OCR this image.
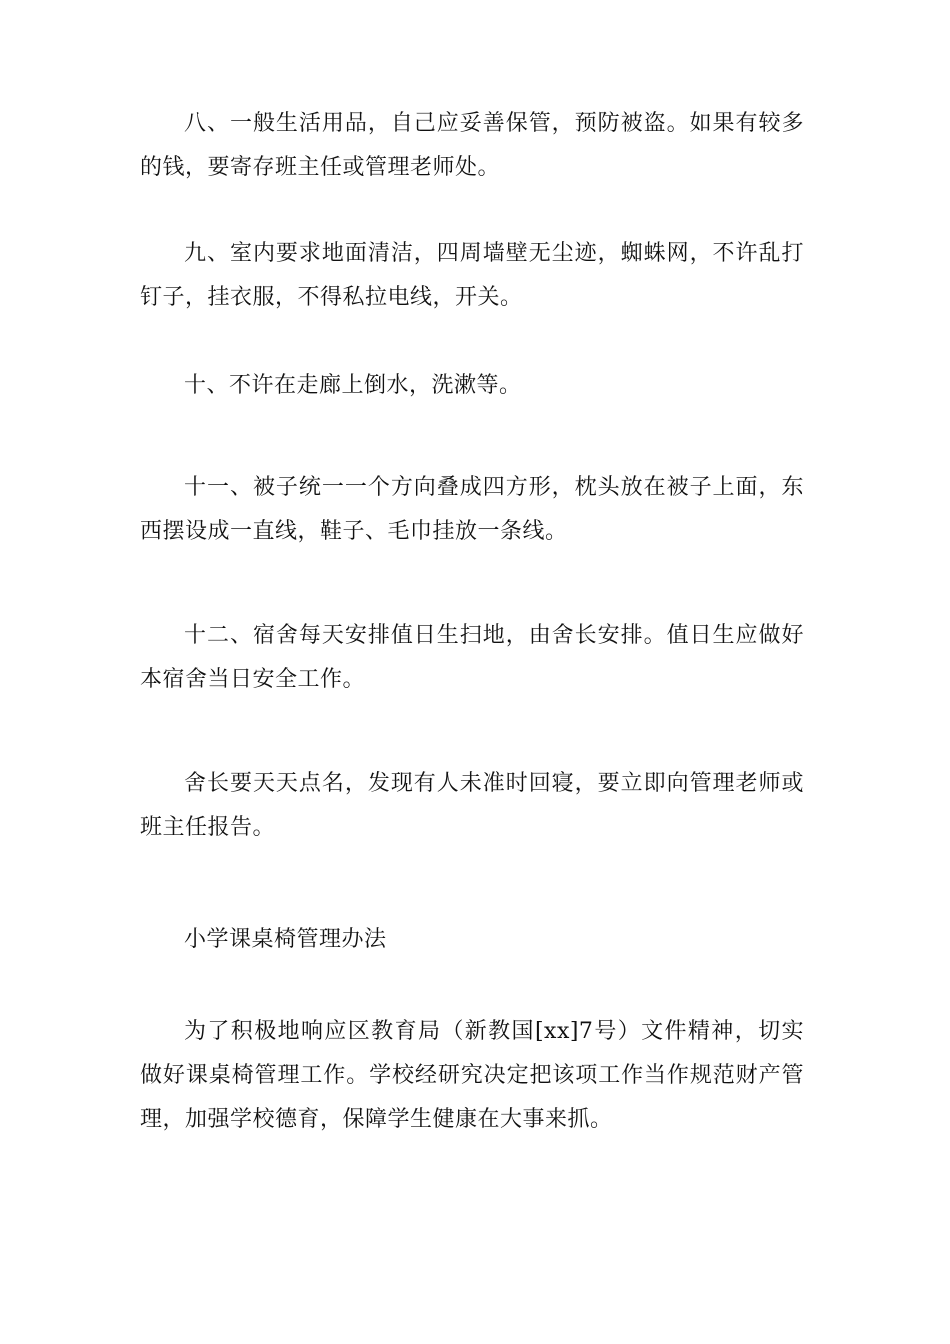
八、一般生活用品，自己应妥善保管，预防被盗。如果有较多的钱，要寄存班主任或管理老师处。

九、室内要求地面清洁，四周墙壁无尘迹，蜘蛛网，不许乱打钉子，挂衣服，不得私拉电线，开关。

十、不许在走廊上倒水，洗漱等。

十一、被子统一一个方向叠成四方形，枕头放在被子上面，东西摆设成一直线，鞋子、毛巾挂放一条线。

十二、宿舍每天安排值日生扫地，由舍长安排。值日生应做好本宿舍当日安全工作。

舍长要天天点名，发现有人未准时回寝，要立即向管理老师或班主任报告。

小学课桌椅管理办法

为了积极地响应区教育局（新教国[xx]7号）文件精神，切实做好课桌椅管理工作。学校经研究决定把该项工作当作规范财产管理，加强学校德育，保障学生健康在大事来抓。
